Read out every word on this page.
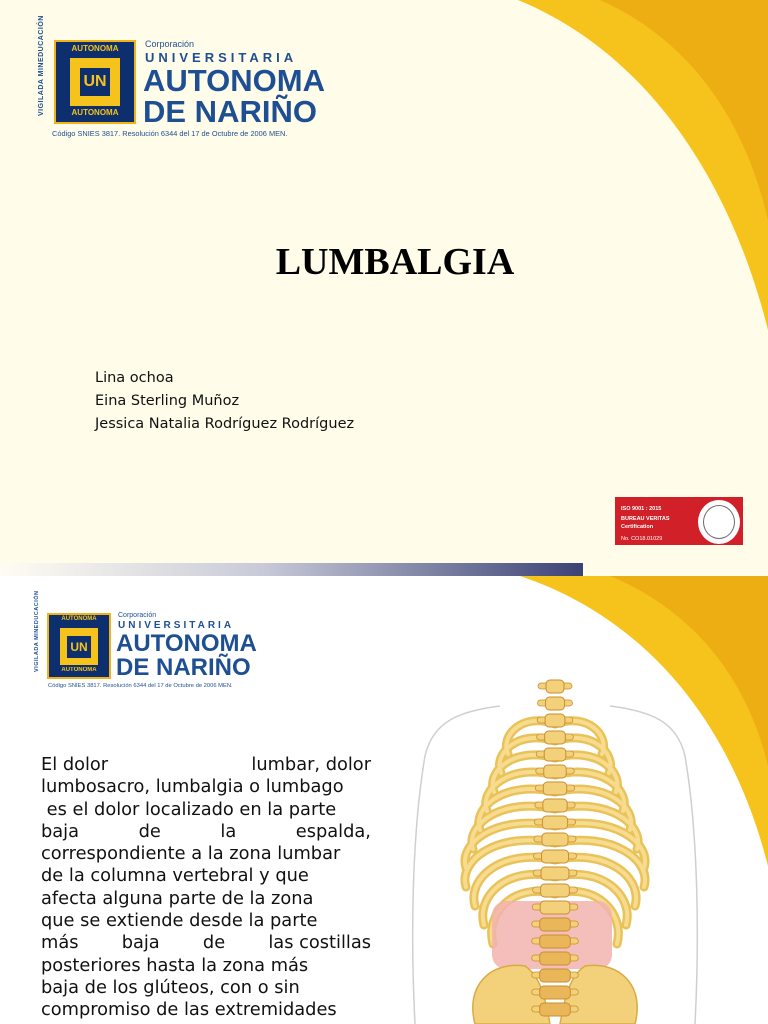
VIGILADA MINEDUCACIÓN	AUTONOMA
AUTONOMA
UN
Corporación
UNIVERSITARIA
AUTONOMA
DE NARIÑO
Código SNIES 3817. Resolución 6344 del 17 de Octubre de 2006 MEN.
LUMBALGIA
Lina ochoa
Eina Sterling Muñoz
Jessica Natalia Rodríguez Rodríguez
ISO 9001 : 2015
BUREAU VERITAS
Certification
No. CO18.01029
VIGILADA MINEDUCACIÓN	AUTONOMA
AUTONOMA
UN
Corporación
UNIVERSITARIA
AUTONOMA
DE NARIÑO
Código SNIES 3817. Resolución 6344 del 17 de Octubre de 2006 MEN.
El dolor	lumbar, dolor
lumbosacro, lumbalgia o lumbago
es el dolor localizado en la parte
baja	de	la	espalda,
correspondiente a la zona lumbar
de la columna vertebral y que
afecta alguna parte de la zona
que se extiende desde la parte
más baja de las costillas
posteriores hasta la zona más
baja de los glúteos, con o sin
compromiso de las extremidades
